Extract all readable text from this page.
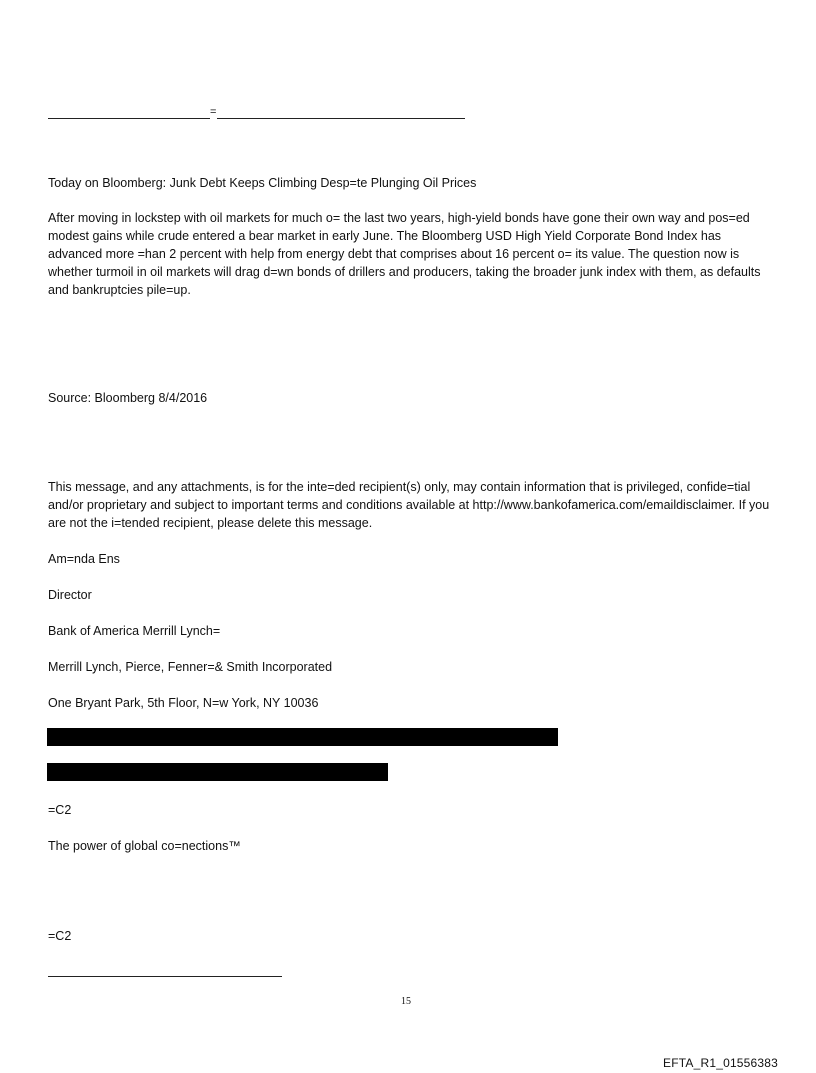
=
Today on Bloomberg: Junk Debt Keeps Climbing Desp=te Plunging Oil Prices
After moving in lockstep with oil markets for much o= the last two years, high-yield bonds have gone their own way and pos=ed modest gains while crude entered a bear market in early June. The Bloomberg USD High Yield Corporate Bond Index has advanced more =han 2 percent with help from energy debt that comprises about 16 percent o= its value. The question now is whether turmoil in oil markets will drag d=wn bonds of drillers and producers, taking the broader junk index with them, as defaults and bankruptcies pile=up.
Source: Bloomberg 8/4/2016
This message, and any attachments, is for the inte=ded recipient(s) only, may contain information that is privileged, confide=tial and/or proprietary and subject to important terms and conditions available at http://www.bankofamerica.com/emaildisclaimer. If you are not the i=tended recipient, please delete this message.
Am=nda Ens
Director
Bank of America Merrill Lynch=
Merrill Lynch, Pierce, Fenner=& Smith Incorporated
One Bryant Park, 5th Floor, N=w York, NY 10036
=C2
The power of global co=nections™
=C2
15
EFTA_R1_01556383
